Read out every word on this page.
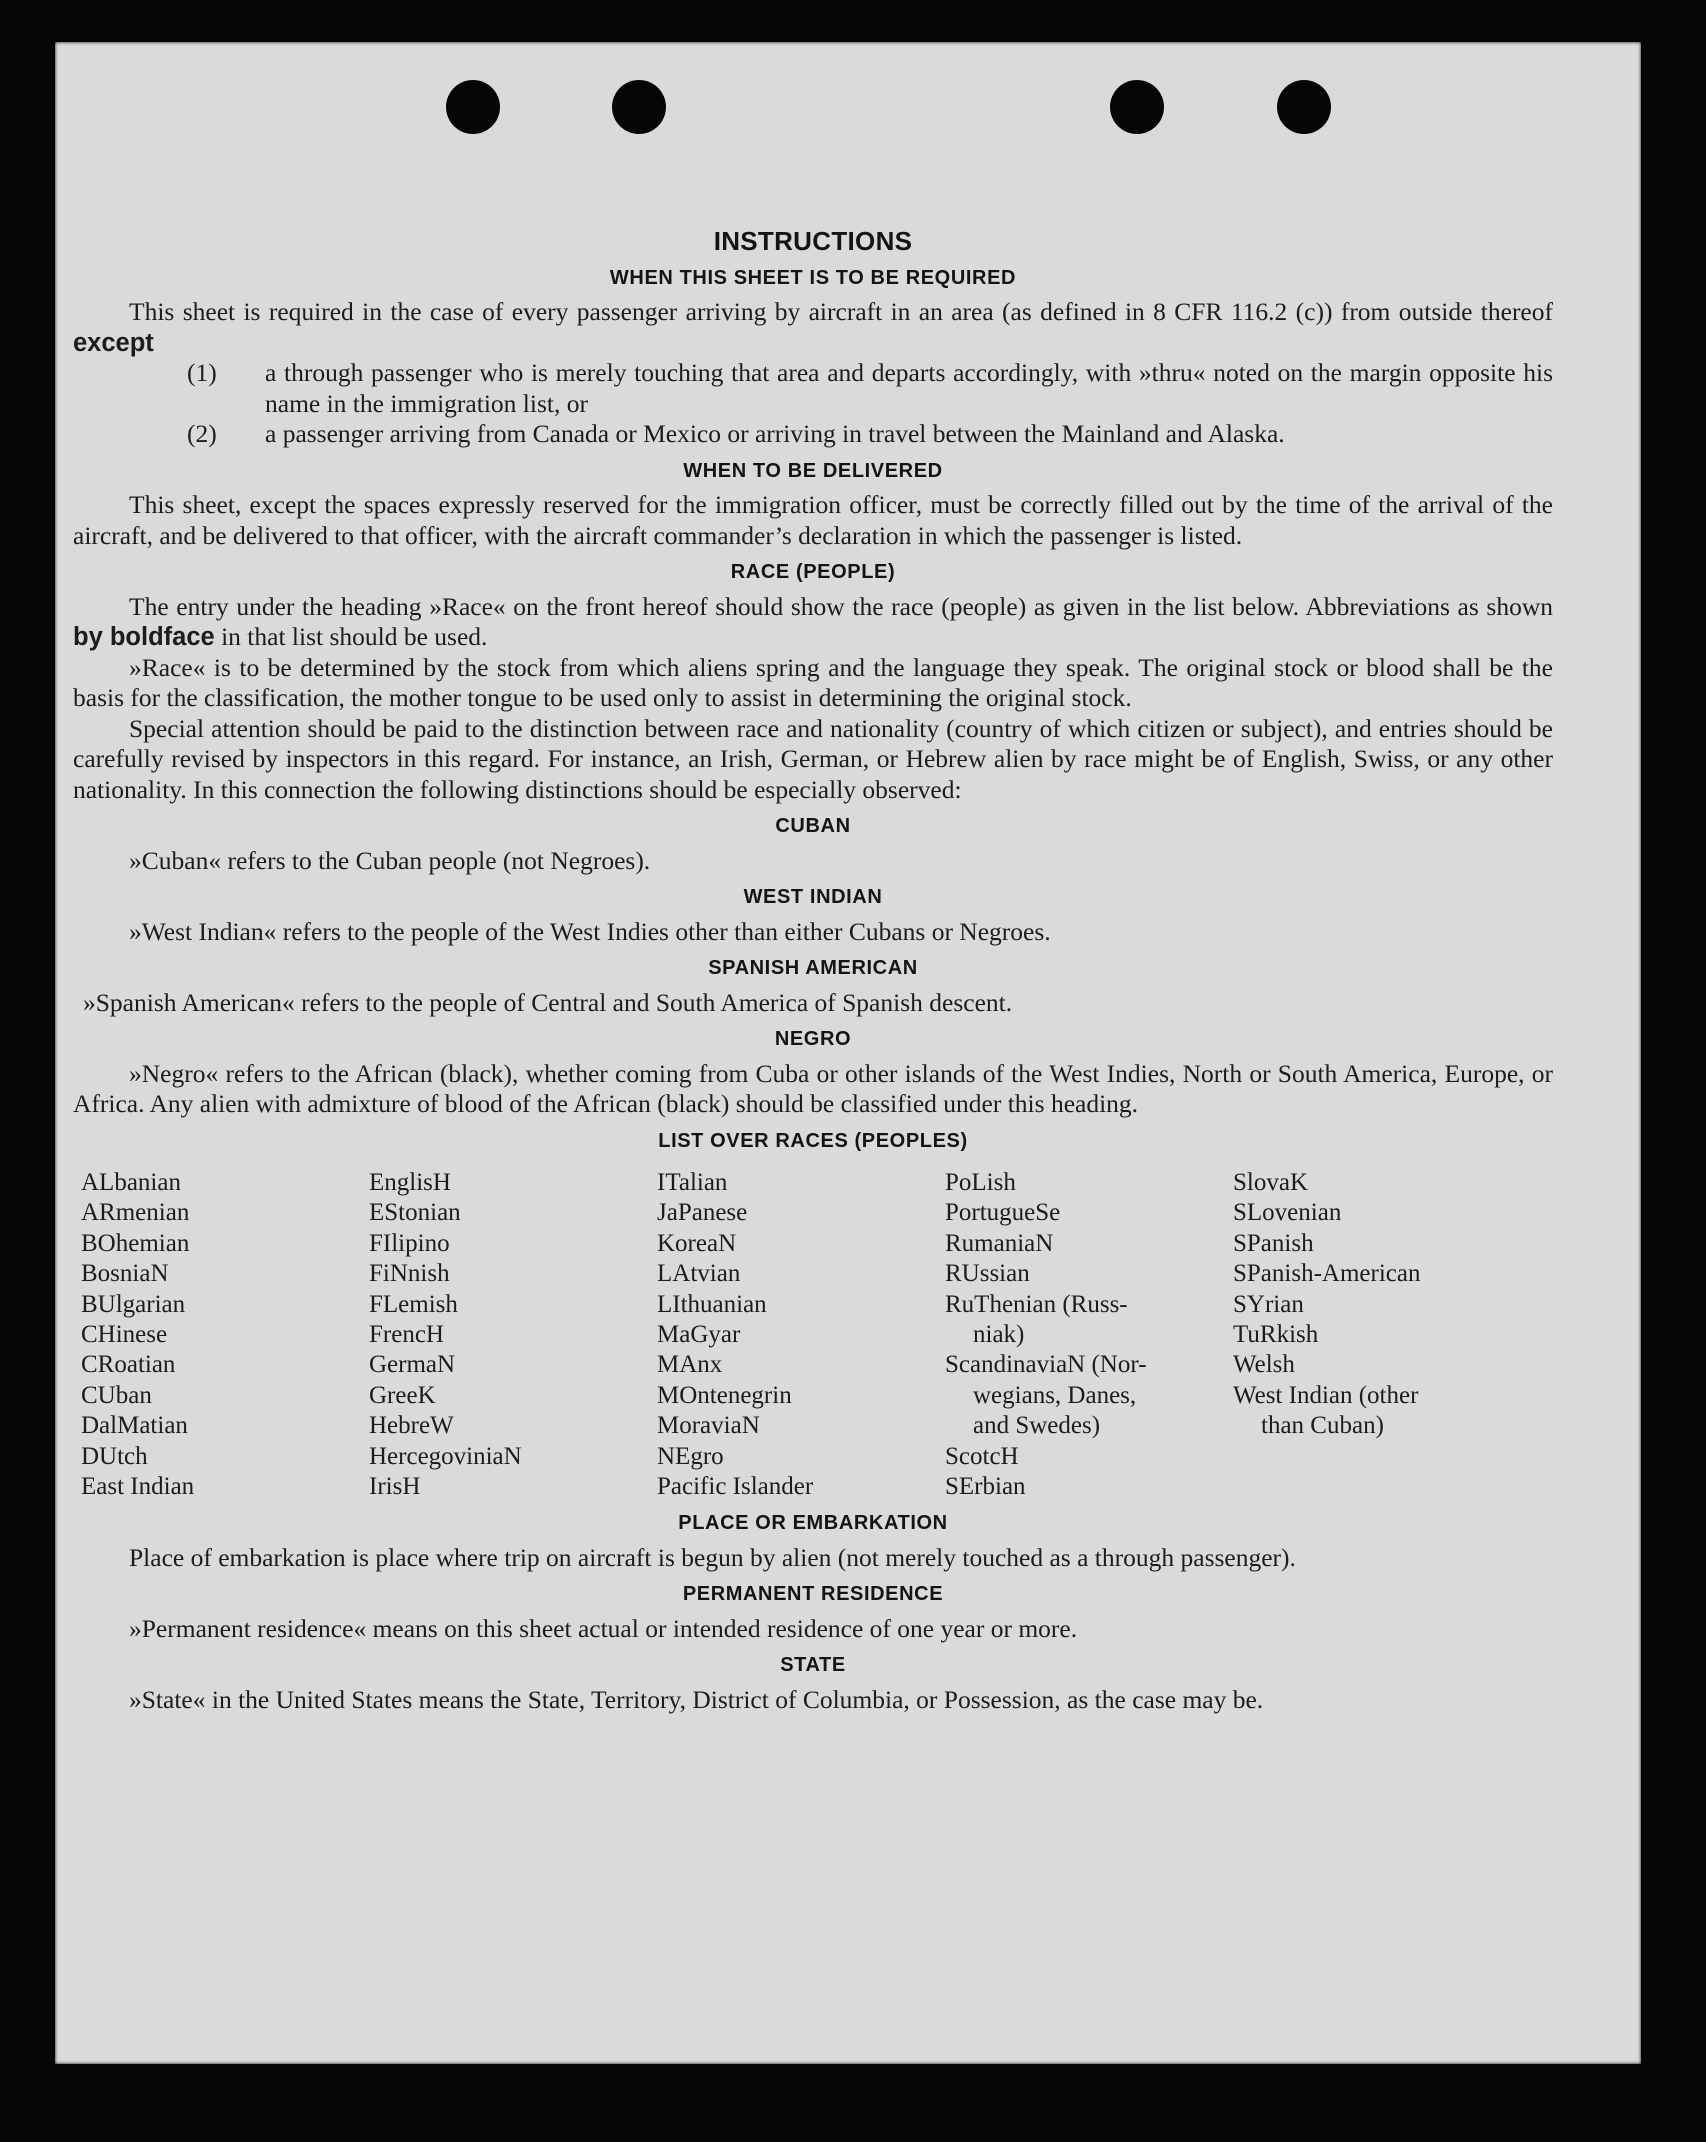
INSTRUCTIONS
WHEN THIS SHEET IS TO BE REQUIRED

This sheet is required in the case of every passenger arriving by aircraft in an area (as defined in 8 CFR 116.2 (c)) from outside thereof except

(1)	a through passenger who is merely touching that area and departs accordingly, with »thru« noted on the margin opposite his name in the immigration list, or
(2)	a passenger arriving from Canada or Mexico or arriving in travel between the Mainland and Alaska.
WHEN TO BE DELIVERED

This sheet, except the spaces expressly reserved for the immigration officer, must be correctly filled out by the time of the arrival of the aircraft, and be delivered to that officer, with the aircraft commander’s declaration in which the passenger is listed.

RACE (PEOPLE)

The entry under the heading »Race« on the front hereof should show the race (people) as given in the list below. Abbreviations as shown by boldface in that list should be used.

»Race« is to be determined by the stock from which aliens spring and the language they speak. The original stock or blood shall be the basis for the classification, the mother tongue to be used only to assist in determining the original stock.

Special attention should be paid to the distinction between race and nationality (country of which citizen or subject), and entries should be carefully revised by inspectors in this regard. For instance, an Irish, German, or Hebrew alien by race might be of English, Swiss, or any other nationality. In this connection the following distinctions should be especially observed:

CUBAN

»Cuban« refers to the Cuban people (not Negroes).

WEST INDIAN

»West Indian« refers to the people of the West Indies other than either Cubans or Negroes.

SPANISH AMERICAN

»Spanish American« refers to the people of Central and South America of Spanish descent.

NEGRO

»Negro« refers to the African (black), whether coming from Cuba or other islands of the West Indies, North or South America, Europe, or Africa. Any alien with admixture of blood of the African (black) should be classified under this heading.

LIST OVER RACES (PEOPLES)
ALbanian
ARmenian
BOhemian
BosniaN
BUlgarian
CHinese
CRoatian
CUban
DalMatian
DUtch
East Indian
EnglisH
EStonian
FIlipino
FiNnish
FLemish
FrencH
GermaN
GreeK
HebreW
HercegoviniaN
IrisH
ITalian
JaPanese
KoreaN
LAtvian
LIthuanian
MaGyar
MAnx
MOntenegrin
MoraviaN
NEgro
Pacific Islander
PoLish
PortugueSe
RumaniaN
RUssian
RuThenian (Russ-
niak)
ScandinaviaN (Nor-
wegians, Danes,
and Swedes)
ScotcH
SErbian
SlovaK
SLovenian
SPanish
SPanish-American
SYrian
TuRkish
Welsh
West Indian (other
than Cuban)
PLACE OR EMBARKATION

Place of embarkation is place where trip on aircraft is begun by alien (not merely touched as a through passenger).

PERMANENT RESIDENCE

»Permanent residence« means on this sheet actual or intended residence of one year or more.

STATE

»State« in the United States means the State, Territory, District of Columbia, or Possession, as the case may be.
